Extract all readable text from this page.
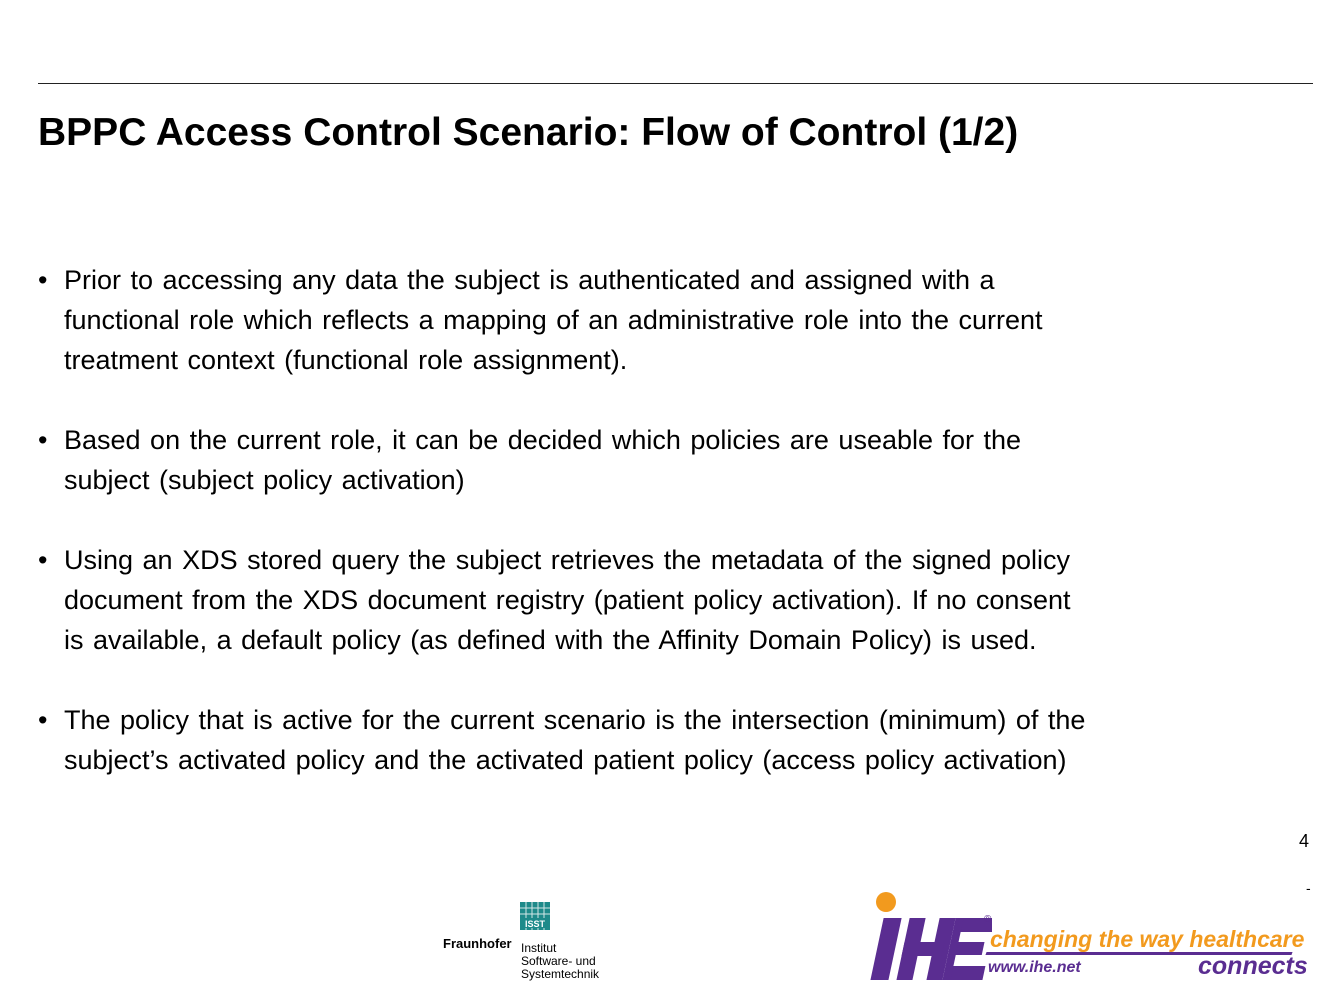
BPPC Access Control Scenario: Flow of Control (1/2)
• Prior to accessing any data the subject is authenticated and assigned with a
functional role which reflects a mapping of an administrative role into the current
treatment context (functional role assignment).
• Based on the current role, it can be decided which policies are useable for the
subject (subject policy activation)
• Using an XDS stored query the subject retrieves the metadata of the signed policy
document from the XDS document registry (patient policy activation). If no consent
is available, a default policy (as defined with the Affinity Domain Policy) is used.
• The policy that is active for the current scenario is the intersection (minimum) of the
subject’s activated policy and the activated patient policy (access policy activation)
4
-
Fraunhofer
ISST
Institut
Software- und
Systemtechnik
IHE
®
changing the way healthcare
www.ihe.net	connects
